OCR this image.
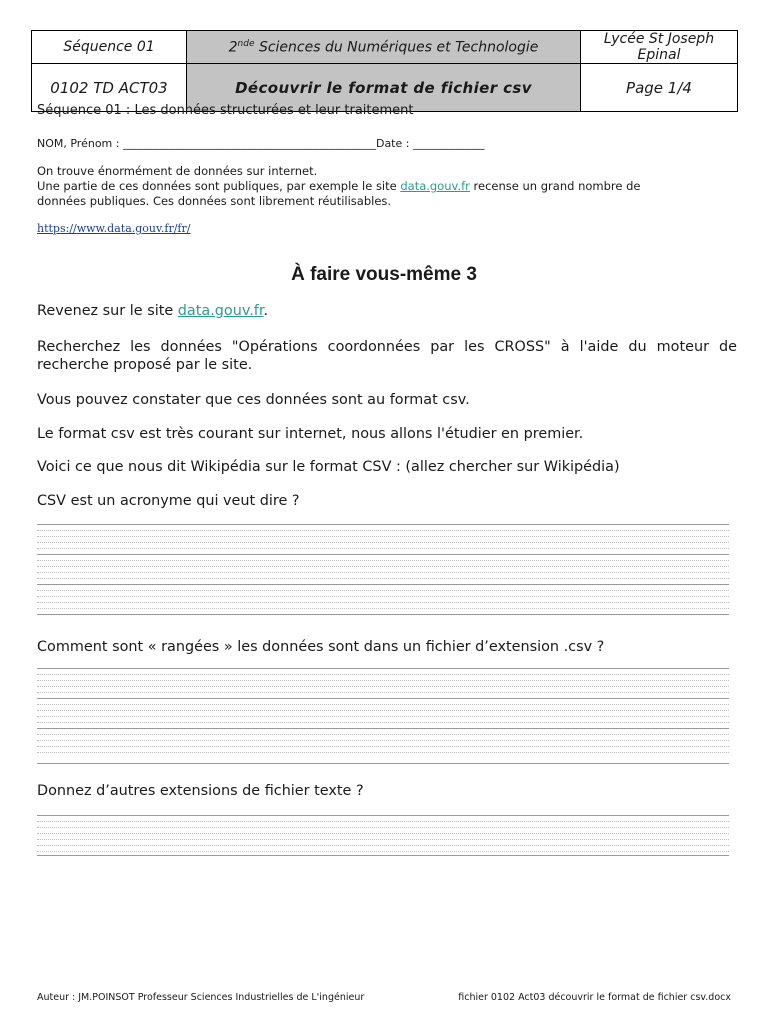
Séquence 01	2nde Sciences du Numériques et Technologie	Lycée St Joseph Epinal
0102 TD ACT03	Découvrir le format de fichier csv	Page 1/4

Séquence 01 : Les données structurées et leur traitement

NOM, Prénom : ______________________________________________Date : _____________

On trouve énormément de données sur internet.
Une partie de ces données sont publiques, par exemple le site data.gouv.fr recense un grand nombre de
données publiques. Ces données sont librement réutilisables.
https://www.data.gouv.fr/fr/
À faire vous-même 3

Revenez sur le site data.gouv.fr.

Recherchez les données "Opérations coordonnées par les CROSS" à l'aide du moteur de
recherche proposé par le site.

Vous pouvez constater que ces données sont au format csv.

Le format csv est très courant sur internet, nous allons l'étudier en premier.

Voici ce que nous dit Wikipédia sur le format CSV : (allez chercher sur Wikipédia)

CSV est un acronyme qui veut dire ?

Comment sont « rangées » les données sont dans un fichier d’extension .csv ?

Donnez d’autres extensions de fichier texte ?

Auteur : JM.POINSOT Professeur Sciences Industrielles de L'ingénieur	fichier 0102 Act03 découvrir le format de fichier csv.docx
